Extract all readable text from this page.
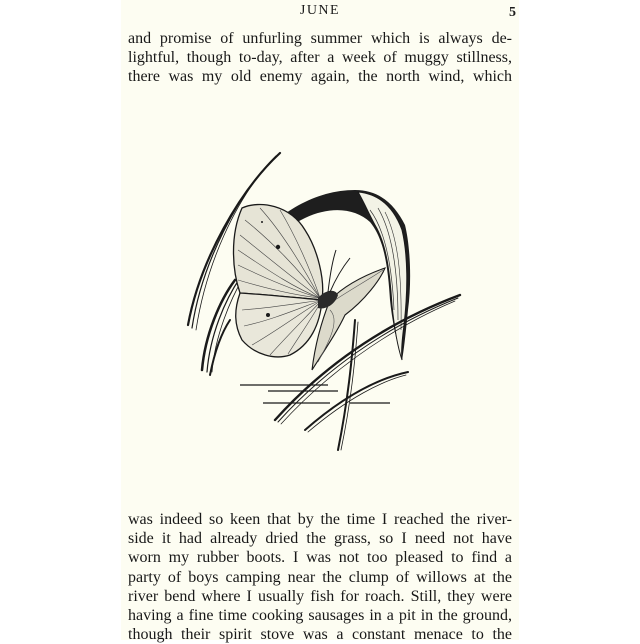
JUNE	5
and promise of unfurling summer which is always de-
lightful, though to-day, after a week of muggy stillness,
there was my old enemy again, the north wind, which
was indeed so keen that by the time I reached the river-
side it had already dried the grass, so I need not have
worn my rubber boots. I was not too pleased to find a
party of boys camping near the clump of willows at the
river bend where I usually fish for roach. Still, they were
having a fine time cooking sausages in a pit in the ground,
though their spirit stove was a constant menace to the
